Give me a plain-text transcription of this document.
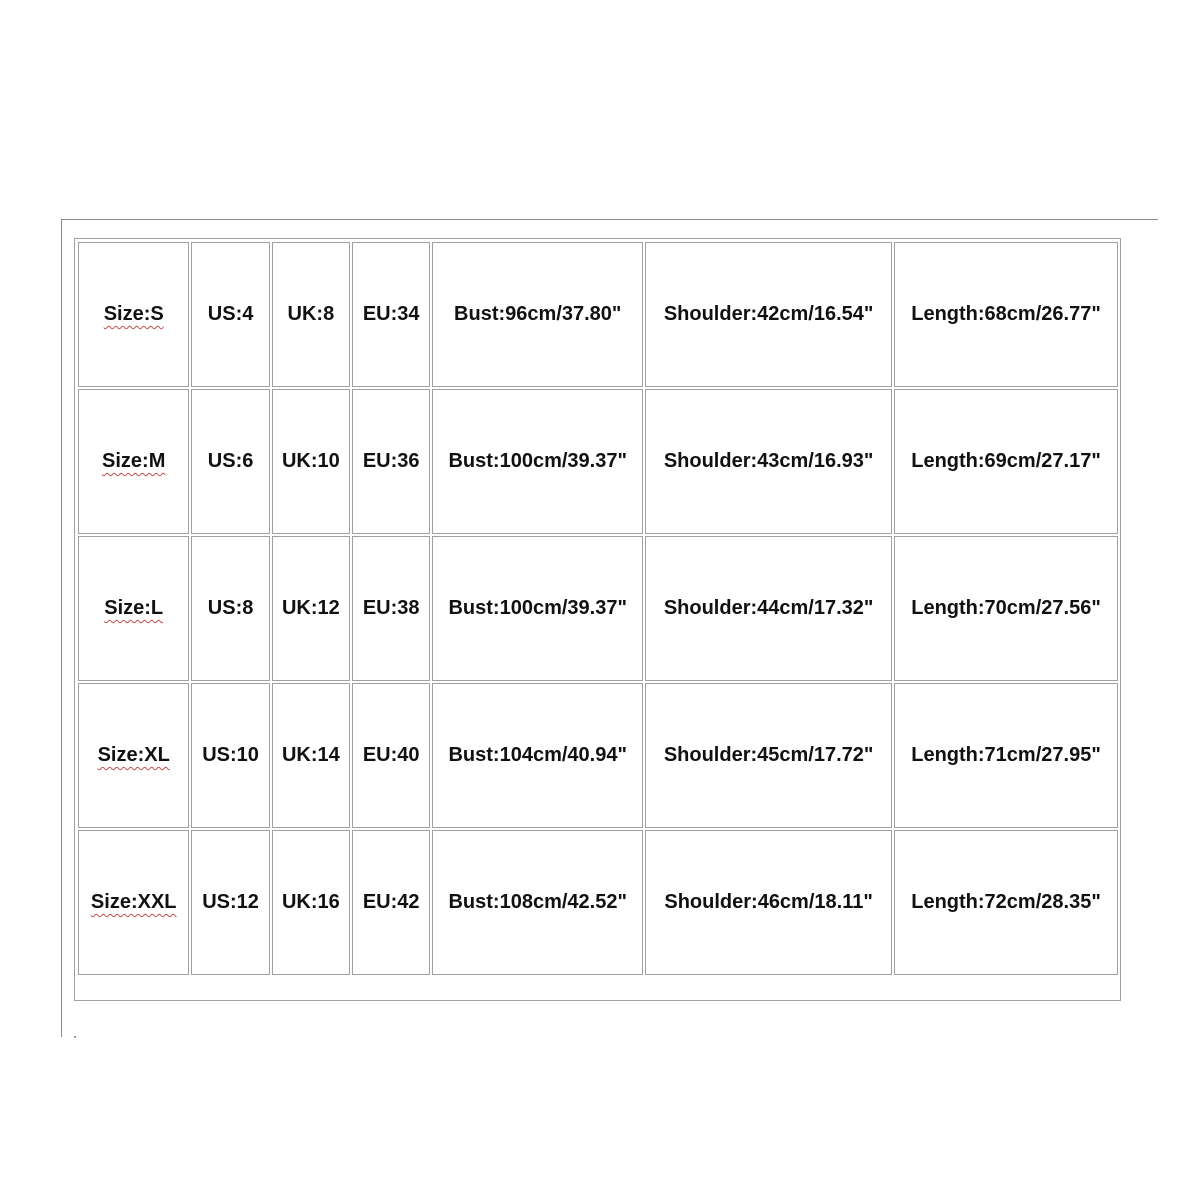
Size:S	US:4	UK:8	EU:34	Bust:96cm/37.80"	Shoulder:42cm/16.54"	Length:68cm/26.77"
Size:M	US:6	UK:10	EU:36	Bust:100cm/39.37"	Shoulder:43cm/16.93"	Length:69cm/27.17"
Size:L	US:8	UK:12	EU:38	Bust:100cm/39.37"	Shoulder:44cm/17.32"	Length:70cm/27.56"
Size:XL	US:10	UK:14	EU:40	Bust:104cm/40.94"	Shoulder:45cm/17.72"	Length:71cm/27.95"
Size:XXL	US:12	UK:16	EU:42	Bust:108cm/42.52"	Shoulder:46cm/18.11"	Length:72cm/28.35"
